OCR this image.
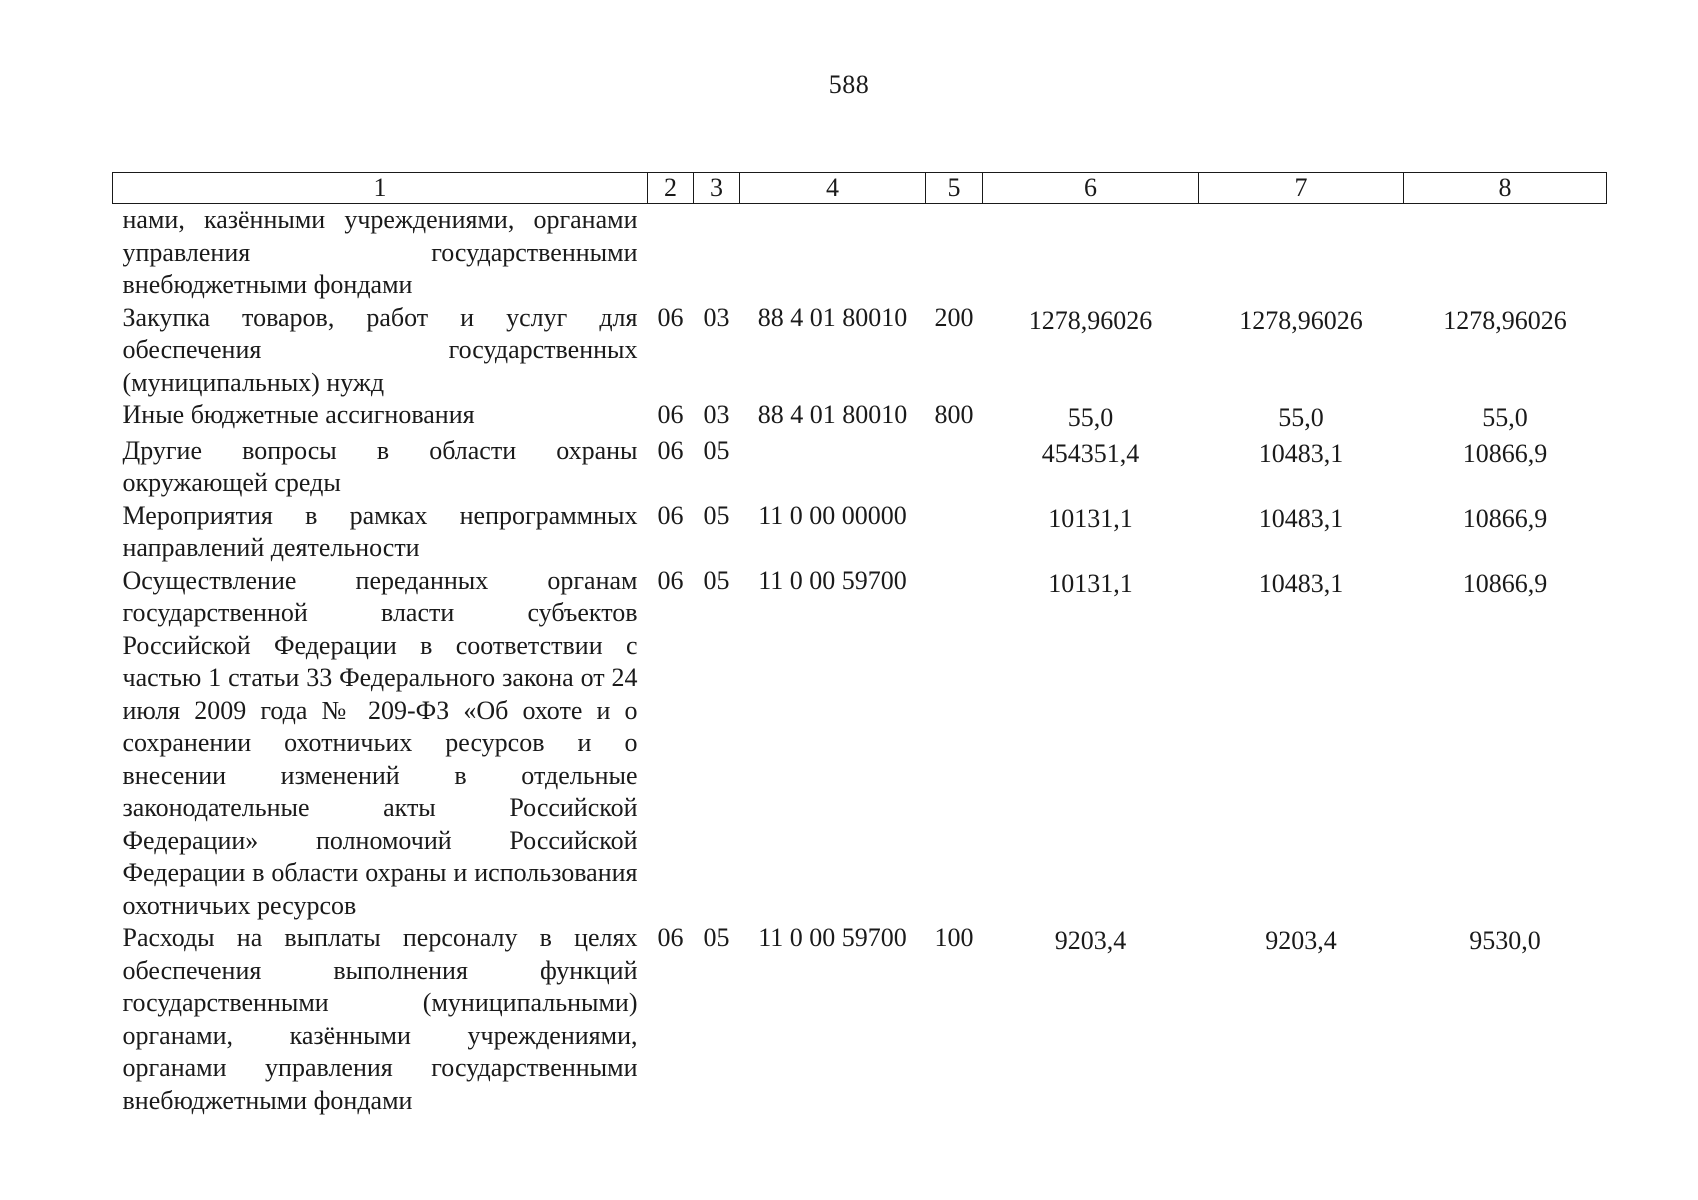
588
1	2	3	4	5	6	7	8
нами, казёнными учреждениями, органами управления государственными внебюджетными фондами							
Закупка товаров, работ и услуг для обеспечения государственных (муниципальных) нужд	06	03	88 4 01 80010	200	1278,96026	1278,96026	1278,96026
Иные бюджетные ассигнования	06	03	88 4 01 80010	800	55,0	55,0	55,0
Другие вопросы в области охраны окружающей среды	06	05			454351,4	10483,1	10866,9
Мероприятия в рамках непрограммных направлений деятельности	06	05	11 0 00 00000		10131,1	10483,1	10866,9
Осуществление переданных органам государственной власти субъектов Российской Федерации в соответствии с частью 1 статьи 33 Федерального закона от 24 июля 2009 года № 209-ФЗ «Об охоте и о сохранении охотничьих ресурсов и о внесении изменений в отдельные законодательные акты Российской Федерации» полномочий Российской Федерации в области охраны и использования охотничьих ресурсов	06	05	11 0 00 59700		10131,1	10483,1	10866,9
Расходы на выплаты персоналу в целях обеспечения выполнения функций государственными (муниципальными) органами, казёнными учреждениями, органами управления государственными внебюджетными фондами	06	05	11 0 00 59700	100	9203,4	9203,4	9530,0
